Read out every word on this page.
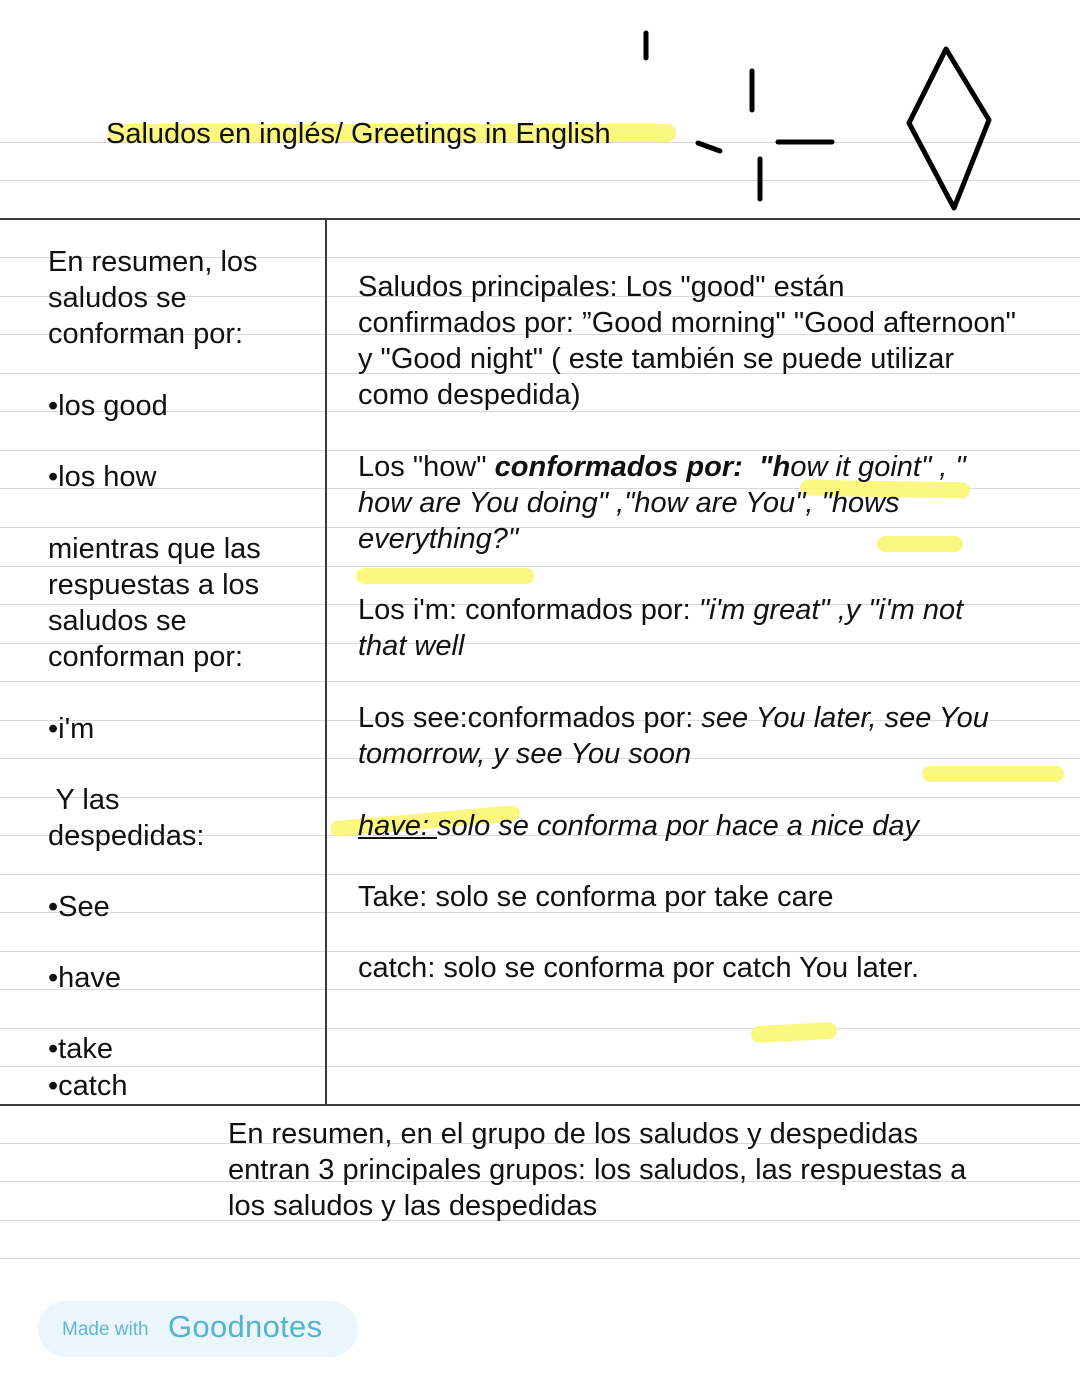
Saludos en inglés/ Greetings in English
En resumen, los
saludos se
conforman por:
•los good
•los how
mientras que las
respuestas a los
saludos se
conforman por:
•i'm
Y las
despedidas:
•See
•have
•take
•catch
Saludos principales: Los "good" están
confirmados por: ”Good morning" "Good afternoon"
y "Good night" ( este también se puede utilizar
como despedida)
Los "how" conformados por:  "how it goint" , "
how are You doing" ,"how are You", "hows
everything?"
Los i'm: conformados por: "i'm great" ,y "i'm not
that well
Los see:conformados por: see You later, see You
tomorrow, y see You soon
have: solo se conforma por hace a nice day
Take: solo se conforma por take care
catch: solo se conforma por catch You later.
En resumen, en el grupo de los saludos y despedidas
entran 3 principales grupos: los saludos, las respuestas a
los saludos y las despedidas
Made with Goodnotes
